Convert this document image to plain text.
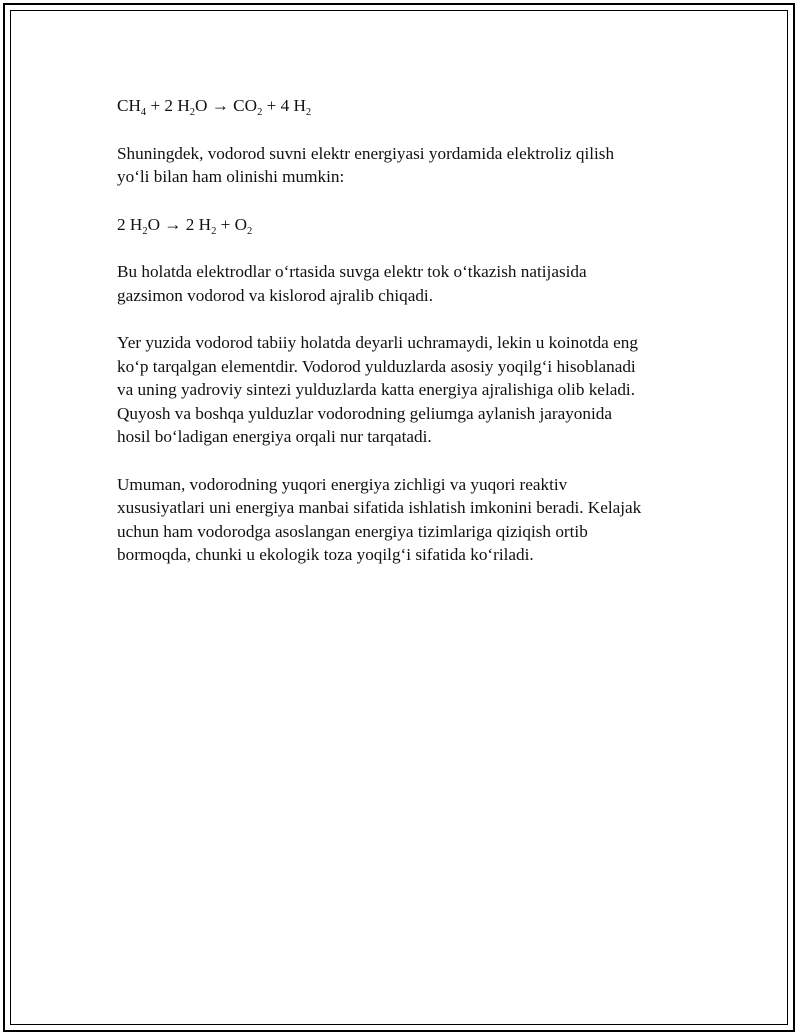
$CH_4 + 2$ $H_2O \to CO_2 + 4$ $H_2$

Shuningdek, vodorod suvni elektr energiyasi yordamida elektroliz qilish
yo‘li bilan ham olinishi mumkin:

2 $H_2O \to 2$ $H_2 + O_2$

Bu holatda elektrodlar o‘rtasida suvga elektr tok o‘tkazish natijasida
gazsimon vodorod va kislorod ajralib chiqadi.
Yer yuzida vodorod tabiiy holatda deyarli uchramaydi, lekin u koinotda eng
ko‘p tarqalgan elementdir. Vodorod yulduzlarda asosiy yoqilg‘i hisoblanadi
va uning yadroviy sintezi yulduzlarda katta energiya ajralishiga olib keladi.
Quyosh va boshqa yulduzlar vodorodning geliumga aylanish jarayonida
hosil bo‘ladigan energiya orqali nur tarqatadi.
Umuman, vodorodning yuqori energiya zichligi va yuqori reaktiv
xususiyatlari uni energiya manbai sifatida ishlatish imkonini beradi. Kelajak
uchun ham vodorodga asoslangan energiya tizimlariga qiziqish ortib
bormoqda, chunki u ekologik toza yoqilg‘i sifatida ko‘riladi.
